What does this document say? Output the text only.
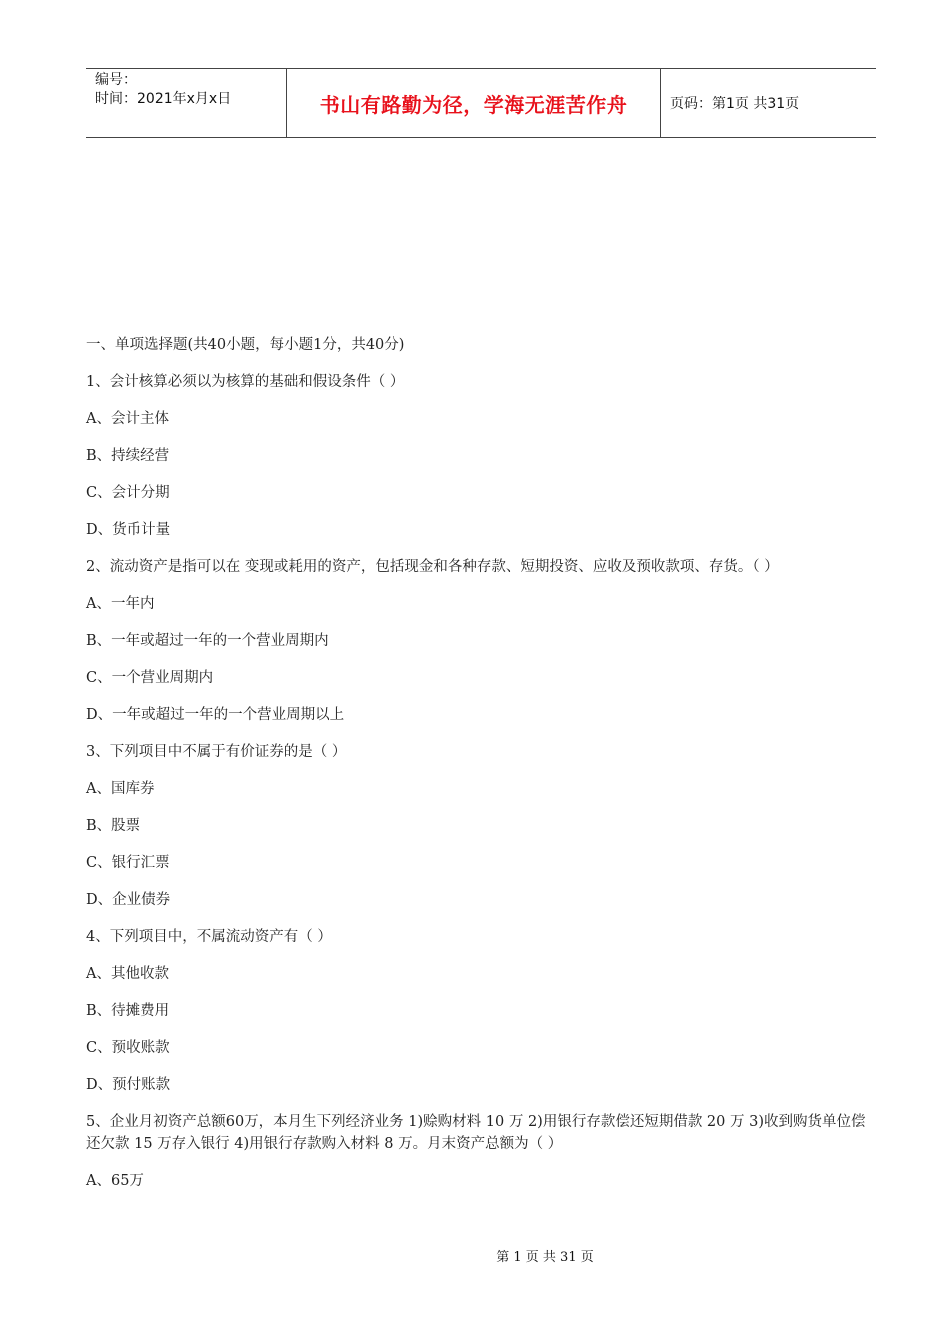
编号：
时间：2021年x月x日	书山有路勤为径，学海无涯苦作舟	页码：第1页 共31页

一、单项选择题(共40小题，每小题1分，共40分)

1、会计核算必须以为核算的基础和假设条件（ ）

A、会计主体

B、持续经营

C、会计分期

D、货币计量

2、流动资产是指可以在 变现或耗用的资产，包括现金和各种存款、短期投资、应收及预收款项、存货。（ ）

A、一年内

B、一年或超过一年的一个营业周期内

C、一个营业周期内

D、一年或超过一年的一个营业周期以上

3、下列项目中不属于有价证券的是（ ）

A、国库券

B、股票

C、银行汇票

D、企业债券

4、下列项目中，不属流动资产有（ ）

A、其他收款

B、待摊费用

C、预收账款

D、预付账款

5、企业月初资产总额60万，本月生下列经济业务 1)赊购材料 10 万 2)用银行存款偿还短期借款 20 万 3)收到购货单位偿还欠款 15 万存入银行 4)用银行存款购入材料 8 万。月末资产总额为（ ）

A、65万

第 1 页 共 31 页
